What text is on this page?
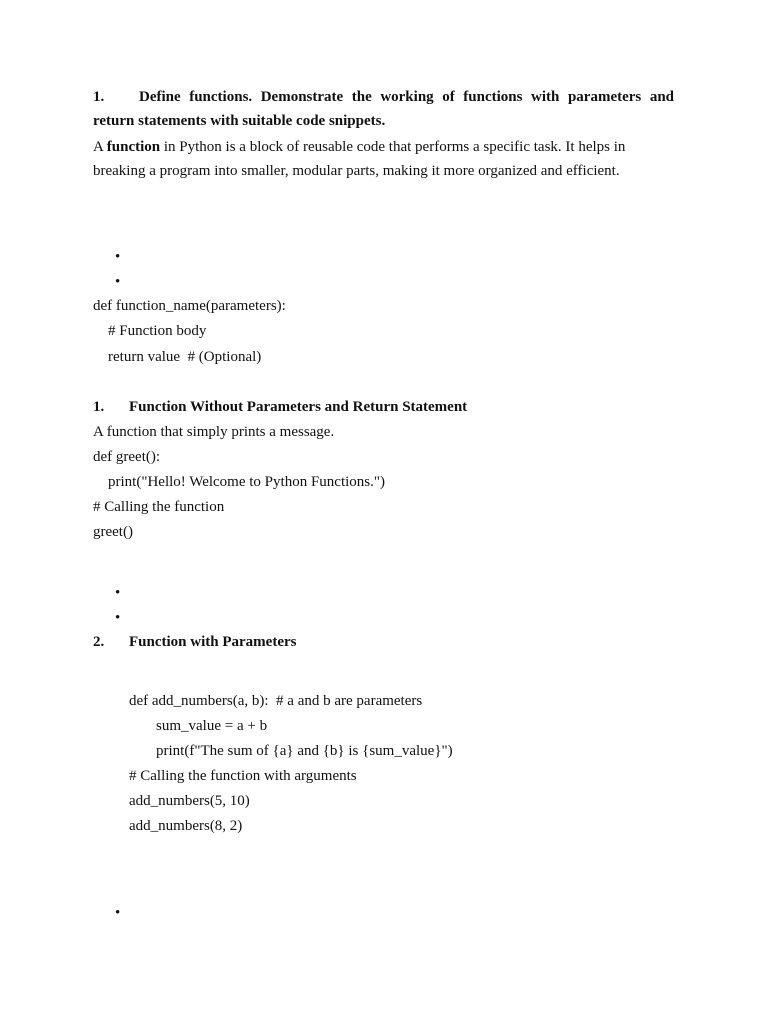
1. Define functions. Demonstrate the working of functions with parameters and
return statements with suitable code snippets.
A function in Python is a block of reusable code that performs a specific task. It helps in
breaking a program into smaller, modular parts, making it more organized and efficient.
•
•
def function_name(parameters):
# Function body
return value  # (Optional)
1. Function Without Parameters and Return Statement
A function that simply prints a message.
def greet():
print("Hello! Welcome to Python Functions.")
# Calling the function
greet()
•
•
2. Function with Parameters
def add_numbers(a, b):  # a and b are parameters
sum_value = a + b
print(f"The sum of {a} and {b} is {sum_value}")
# Calling the function with arguments
add_numbers(5, 10)
add_numbers(8, 2)
•
